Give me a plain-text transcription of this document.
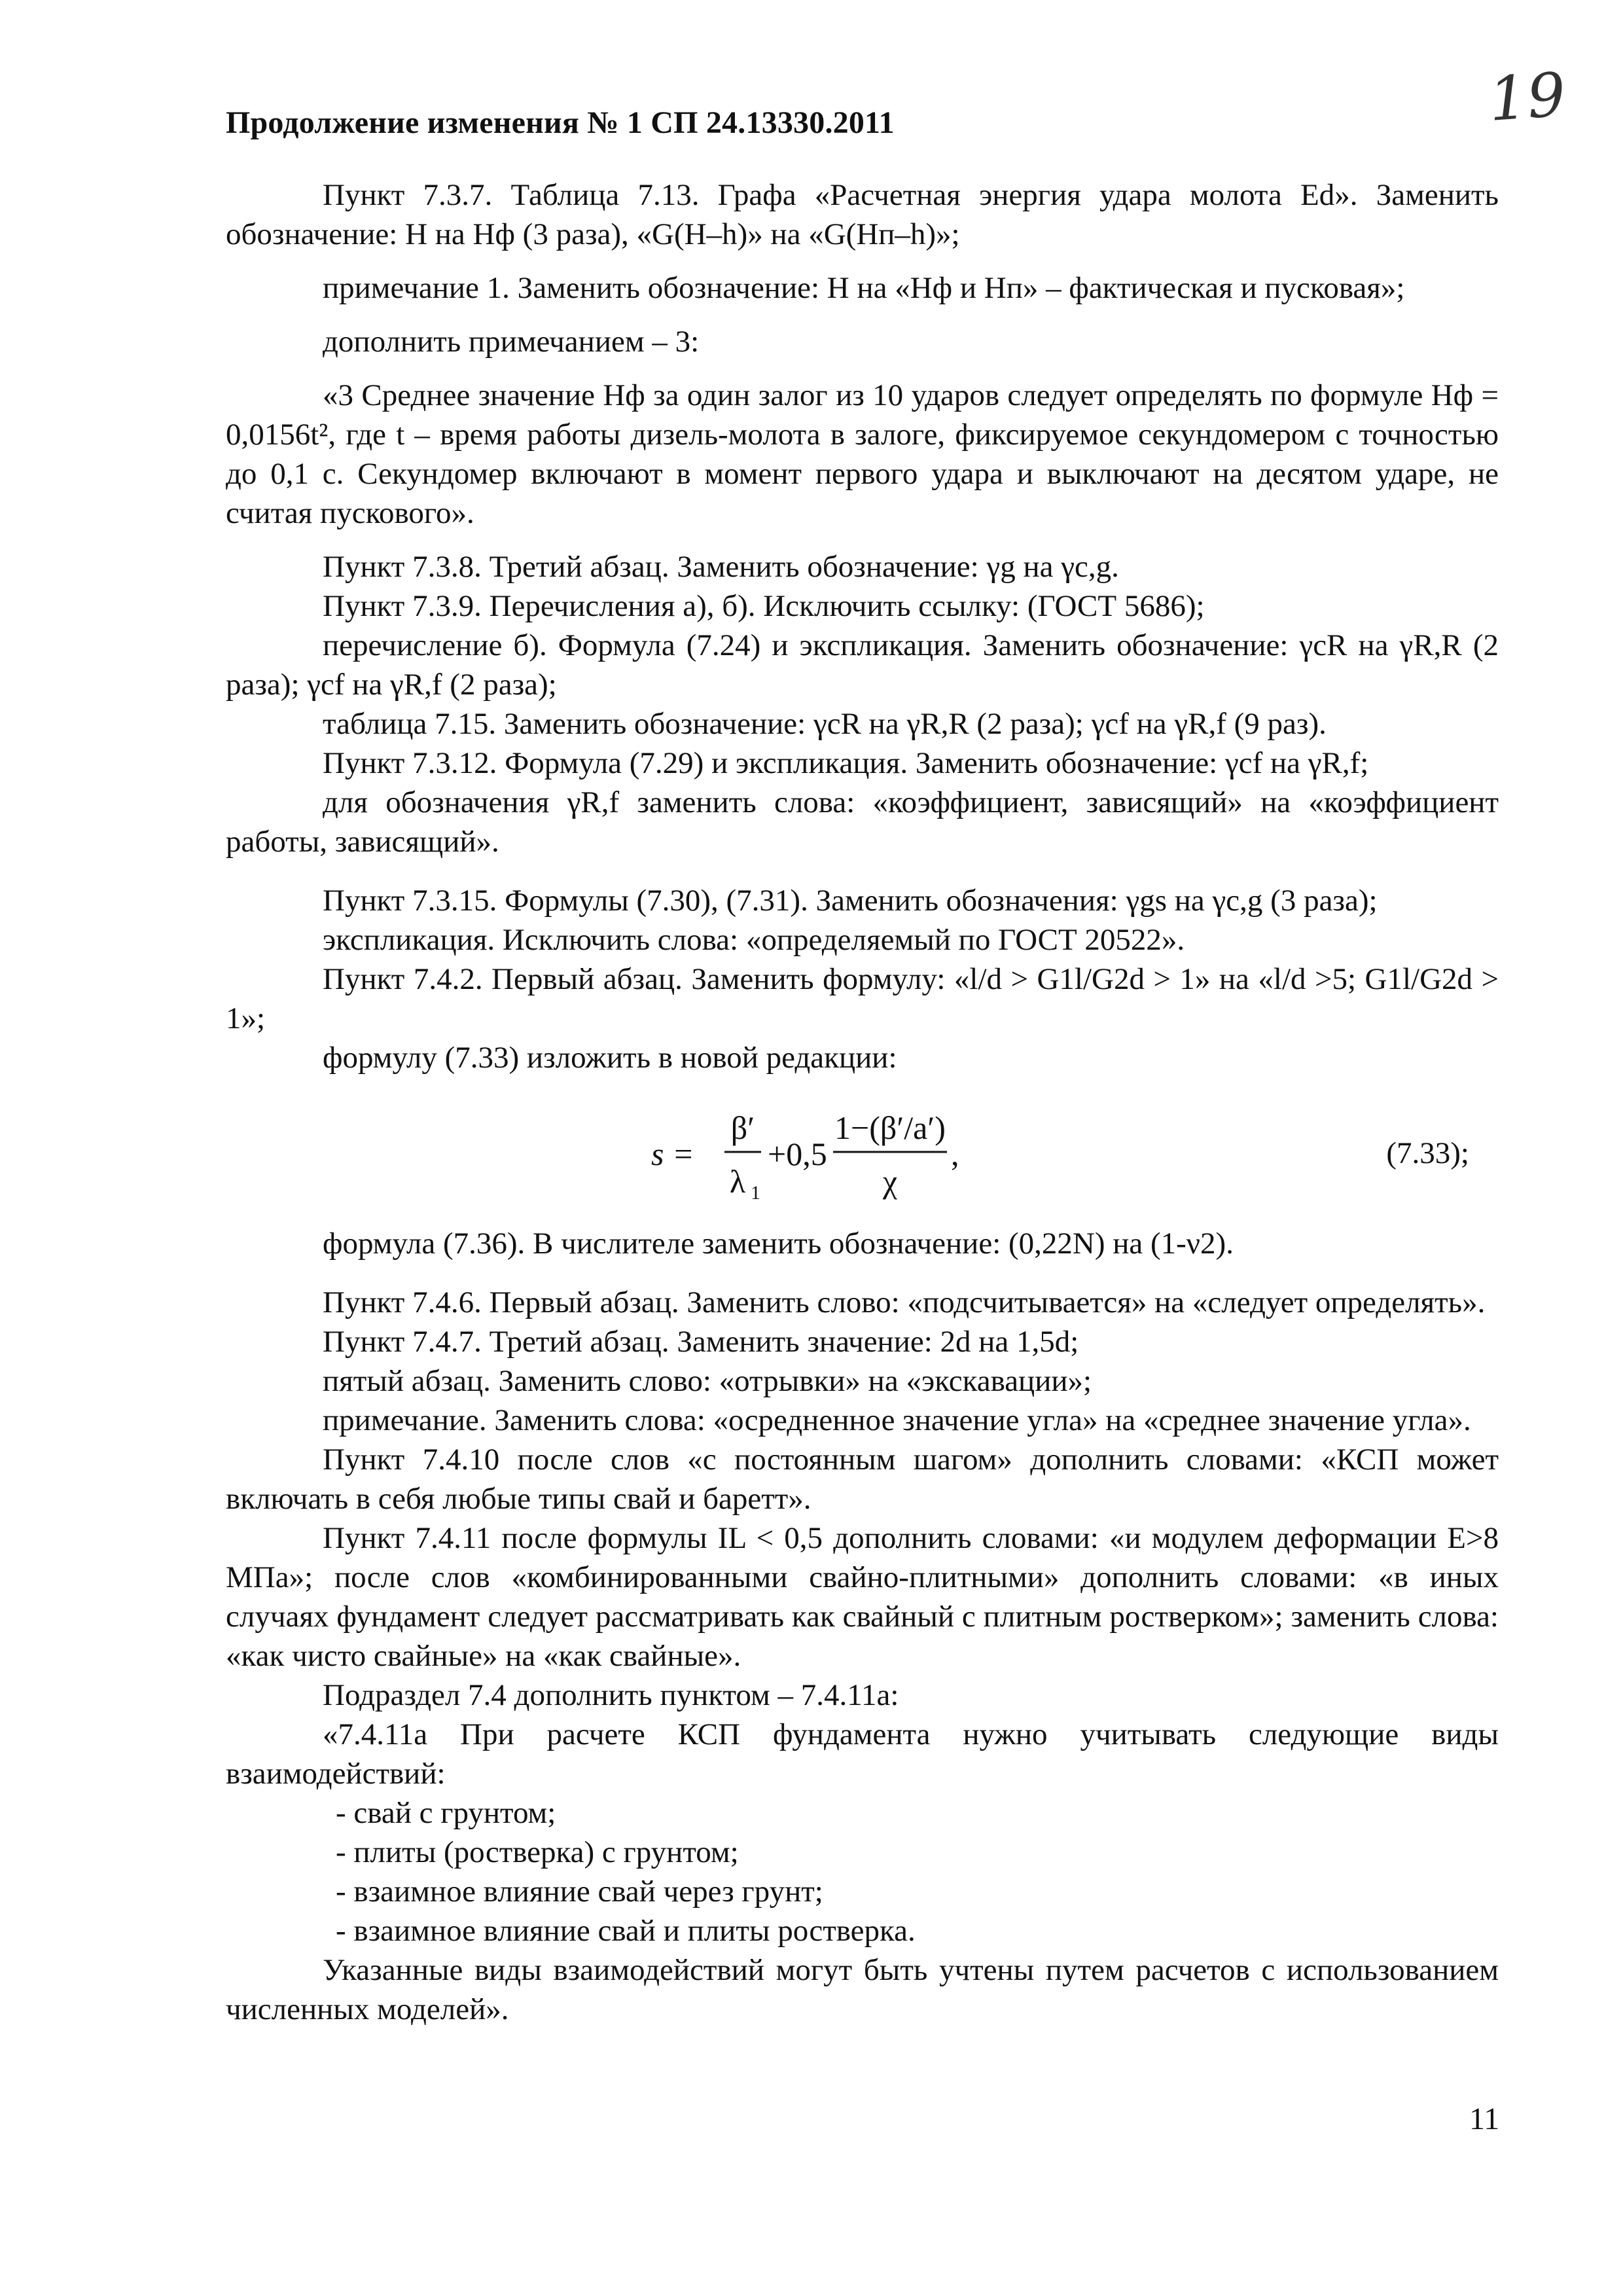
19
Продолжение изменения № 1 СП 24.13330.2011

Пункт 7.3.7. Таблица 7.13. Графа «Расчетная энергия удара молота Ed». Заменить обозначение: H на Hф (3 раза), «G(H–h)» на «G(Hп–h)»;

примечание 1. Заменить обозначение: H на «Hф и Hп» – фактическая и пусковая»;

дополнить примечанием – 3:

«3 Среднее значение Hф за один залог из 10 ударов следует определять по формуле Hф = 0,0156t², где t – время работы дизель-молота в залоге, фиксируемое секундомером с точностью до 0,1 с. Секундомер включают в момент первого удара и выключают на десятом ударе, не считая пускового».

Пункт 7.3.8. Третий абзац. Заменить обозначение: γg на γc,g.

Пункт 7.3.9. Перечисления а), б). Исключить ссылку: (ГОСТ 5686);

перечисление б). Формула (7.24) и экспликация. Заменить обозначение: γcR на γR,R (2 раза); γcf на γR,f (2 раза);

таблица 7.15. Заменить обозначение: γcR на γR,R (2 раза); γcf на γR,f (9 раз).

Пункт 7.3.12. Формула (7.29) и экспликация. Заменить обозначение: γcf на γR,f;

для обозначения γR,f заменить слова: «коэффициент, зависящий» на «коэффициент работы, зависящий».

Пункт 7.3.15. Формулы (7.30), (7.31). Заменить обозначения: γgs на γc,g (3 раза);

экспликация. Исключить слова: «определяемый по ГОСТ 20522».

Пункт 7.4.2. Первый абзац. Заменить формулу: «l/d > G1l/G2d > 1» на «l/d >5; G1l/G2d > 1»;

формулу (7.33) изложить в новой редакции:

s =
β′
λ 1
+0,5
1−(β′/a′)
χ
,	(7.33);

формула (7.36). В числителе заменить обозначение: (0,22N) на (1-ν2).

Пункт 7.4.6. Первый абзац. Заменить слово: «подсчитывается» на «следует определять».

Пункт 7.4.7. Третий абзац. Заменить значение: 2d на 1,5d;

пятый абзац. Заменить слово: «отрывки» на «экскавации»;

примечание. Заменить слова: «осредненное значение угла» на «среднее значение угла».

Пункт 7.4.10 после слов «с постоянным шагом» дополнить словами: «КСП может включать в себя любые типы свай и баретт».

Пункт 7.4.11 после формулы IL < 0,5 дополнить словами: «и модулем деформации E>8 МПа»; после слов «комбинированными свайно-плитными» дополнить словами: «в иных случаях фундамент следует рассматривать как свайный с плитным ростверком»; заменить слова: «как чисто свайные» на «как свайные».

Подраздел 7.4 дополнить пунктом – 7.4.11а:

«7.4.11а При расчете КСП фундамента нужно учитывать следующие виды взаимодействий:

- свай с грунтом;

- плиты (ростверка) с грунтом;

- взаимное влияние свай через грунт;

- взаимное влияние свай и плиты ростверка.

Указанные виды взаимодействий могут быть учтены путем расчетов с использованием численных моделей».

11
